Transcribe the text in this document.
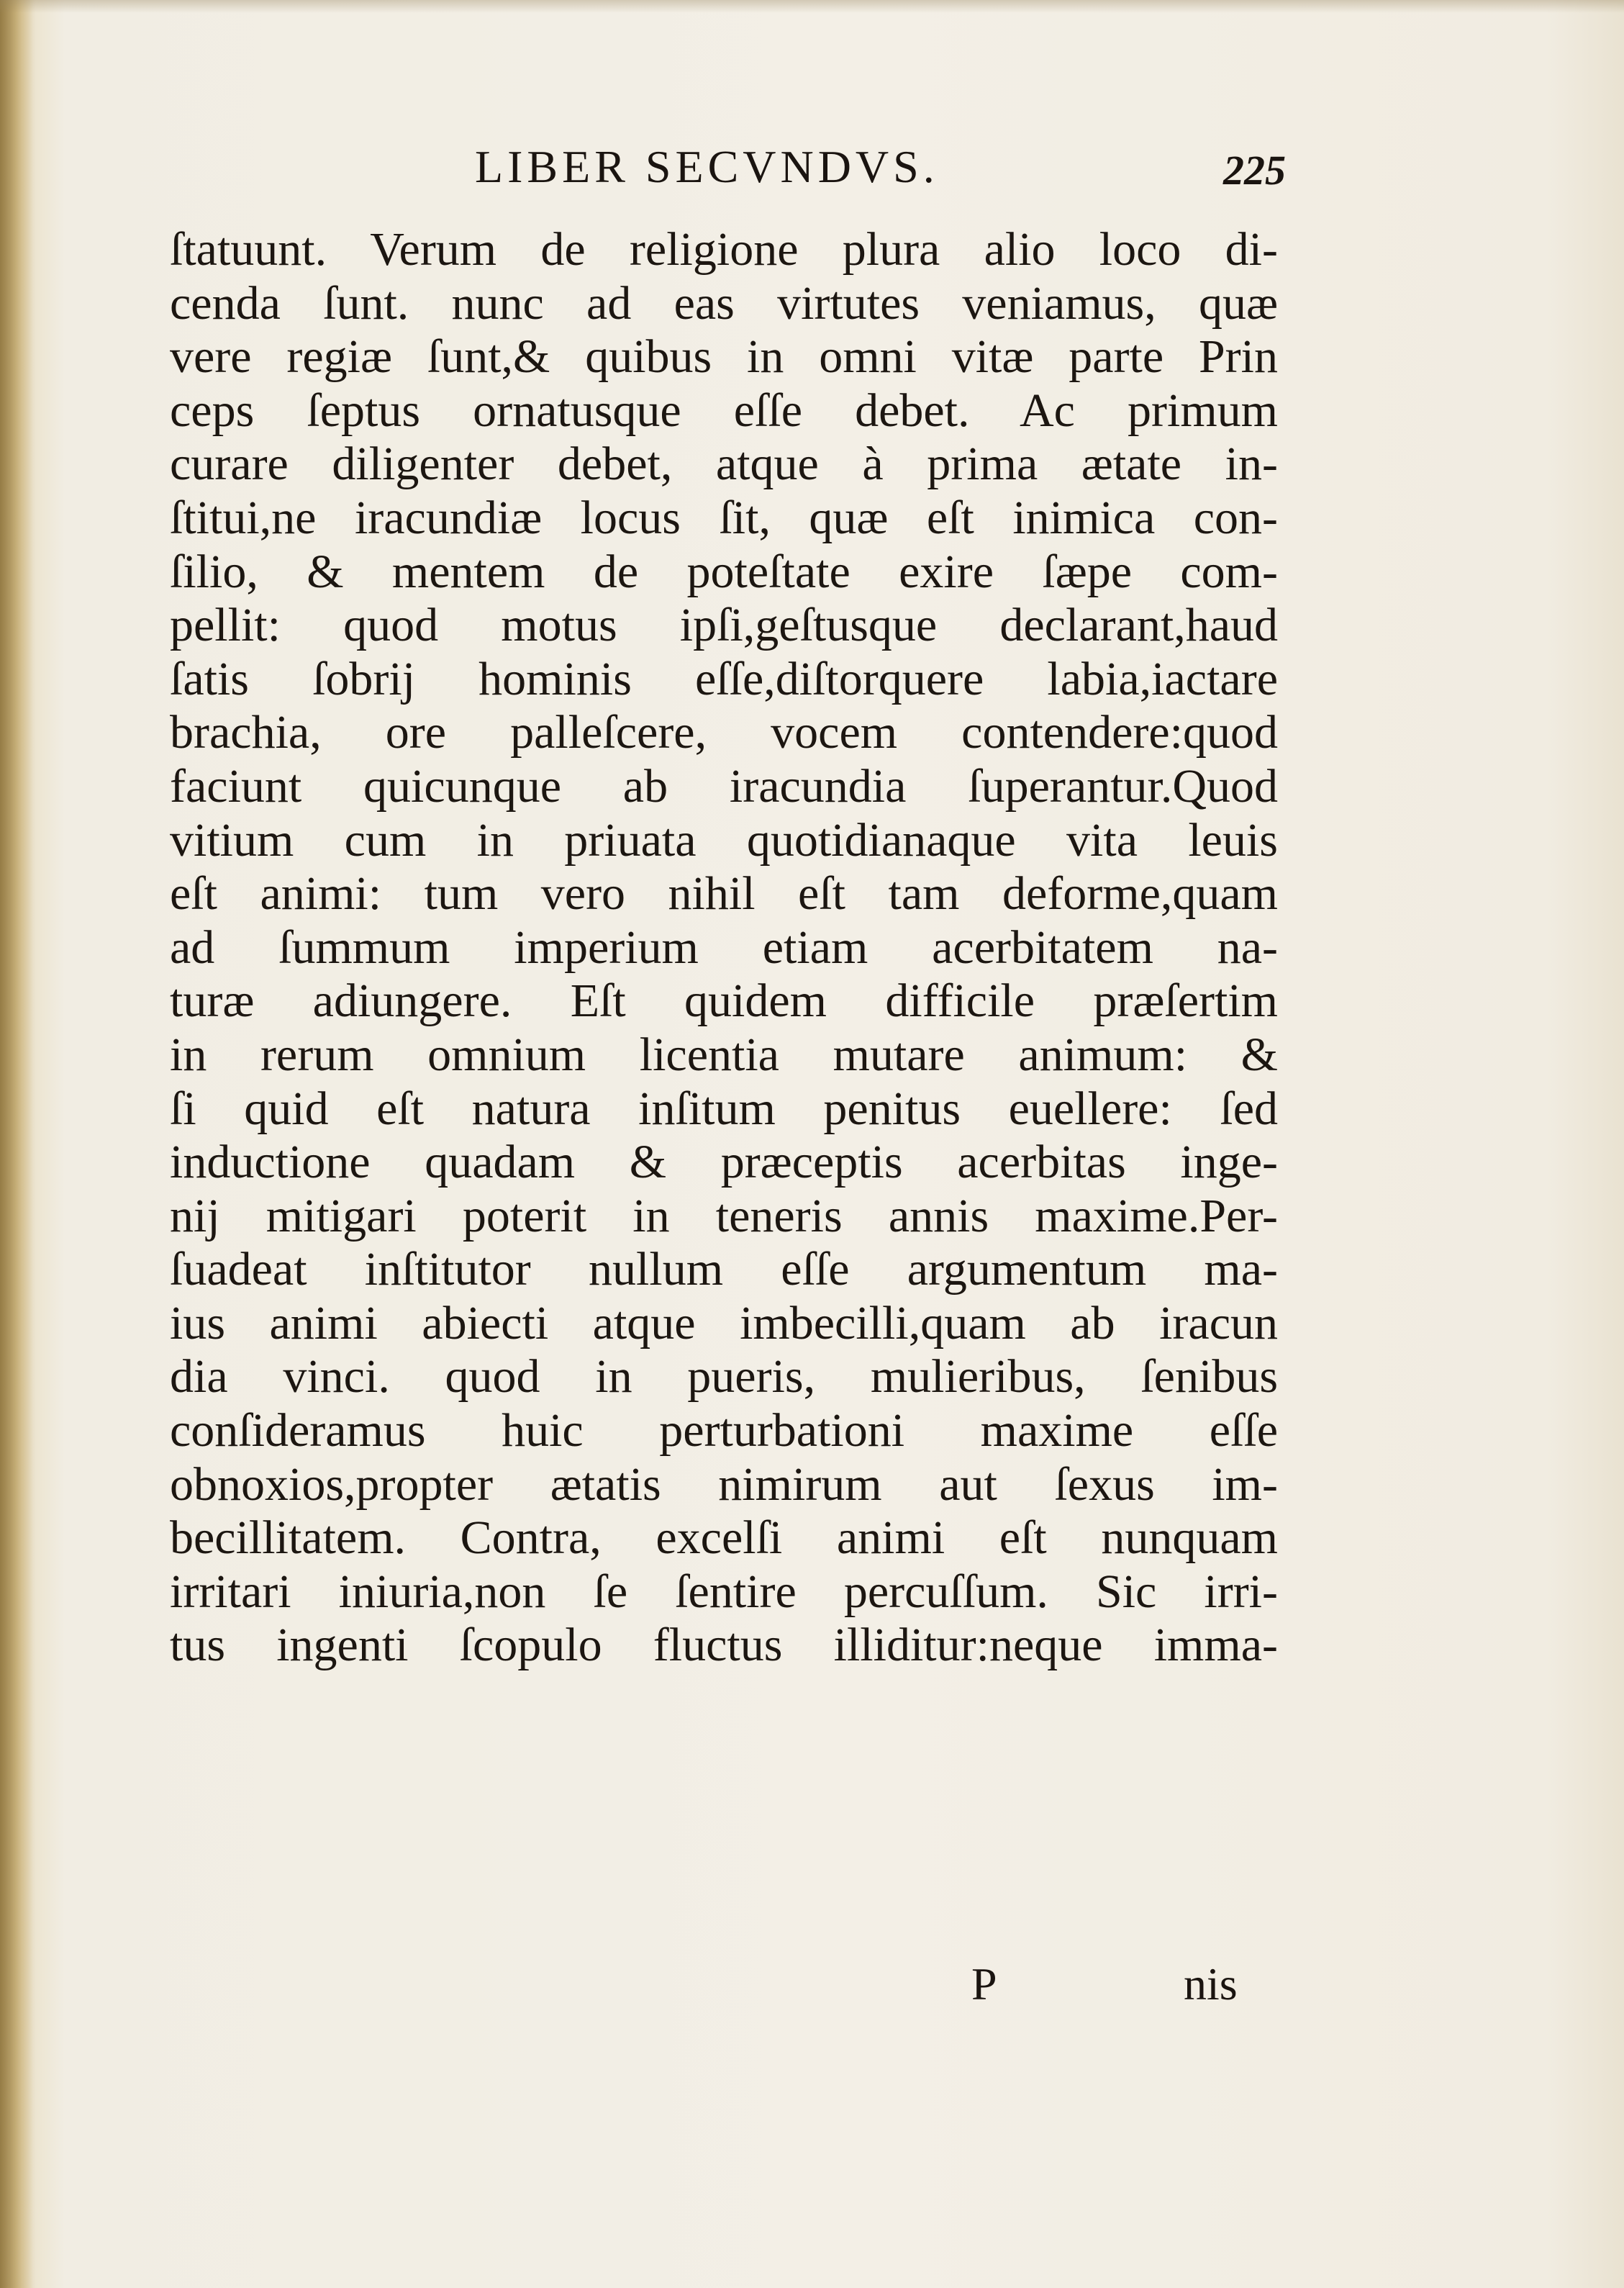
LIBER SECVNDVS.	225
ſtatuunt. Verum de religione plura alio loco di-
cenda ſunt. nunc ad eas virtutes veniamus, quæ
vere regiæ ſunt,& quibus in omni vitæ parte Prin
ceps ſeptus ornatusque eſſe debet. Ac primum
curare diligenter debet, atque à prima ætate in-
ſtitui,ne iracundiæ locus ſit, quæ eſt inimica con-
ſilio, & mentem de poteſtate exire ſæpe com-
pellit: quod motus ipſi,geſtusque declarant,haud
ſatis ſobrij hominis eſſe,diſtorquere labia,iactare
brachia, ore palleſcere, vocem contendere:quod
faciunt quicunque ab iracundia ſuperantur.Quod
vitium cum in priuata quotidianaque vita leuis
eſt animi: tum vero nihil eſt tam deforme,quam
ad ſummum imperium etiam acerbitatem na-
turæ adiungere. Eſt quidem difficile præſertim
in rerum omnium licentia mutare animum: &
ſi quid eſt natura inſitum penitus euellere: ſed
inductione quadam & præceptis acerbitas inge-
nij mitigari poterit in teneris annis maxime.Per-
ſuadeat inſtitutor nullum eſſe argumentum ma-
ius animi abiecti atque imbecilli,quam ab iracun
dia vinci. quod in pueris, mulieribus, ſenibus
conſideramus huic perturbationi maxime eſſe
obnoxios,propter ætatis nimirum aut ſexus im-
becillitatem. Contra, excelſi animi eſt nunquam
irritari iniuria,non ſe ſentire percuſſum. Sic irri-
tus ingenti ſcopulo fluctus illiditur:neque imma-
P	nis
